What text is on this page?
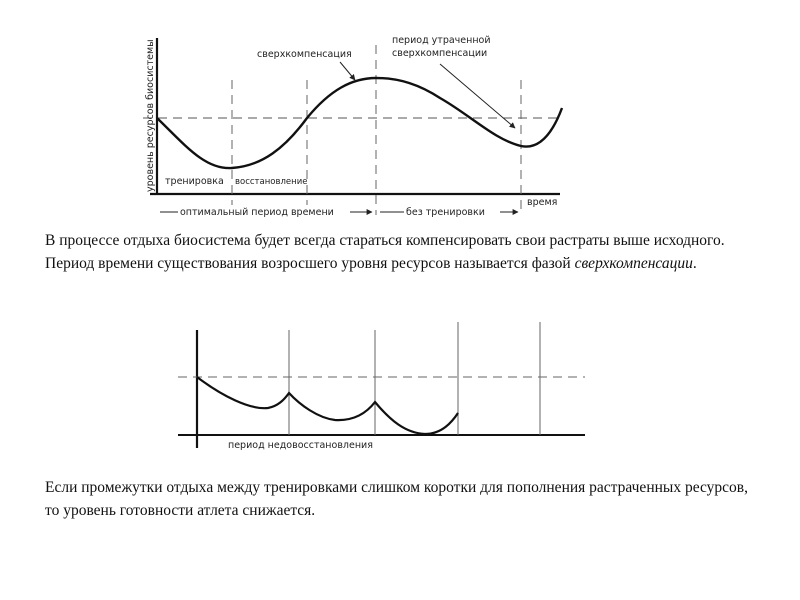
уровень ресурсов биосистемы	сверхкомпенсация
период утраченной
сверхкомпенсации
тренировка восстановление
время
оптимальный период времени	без тренировки
В процессе отдыха биосистема будет всегда стараться компенсировать свои растраты выше исходного. Период времени существования возросшего уровня ресурсов называется фазой сверхкомпенсации.
период недовосстановления
Если промежутки отдыха между тренировками слишком коротки для пополнения растраченных ресурсов, то уровень готовности атлета снижается.
